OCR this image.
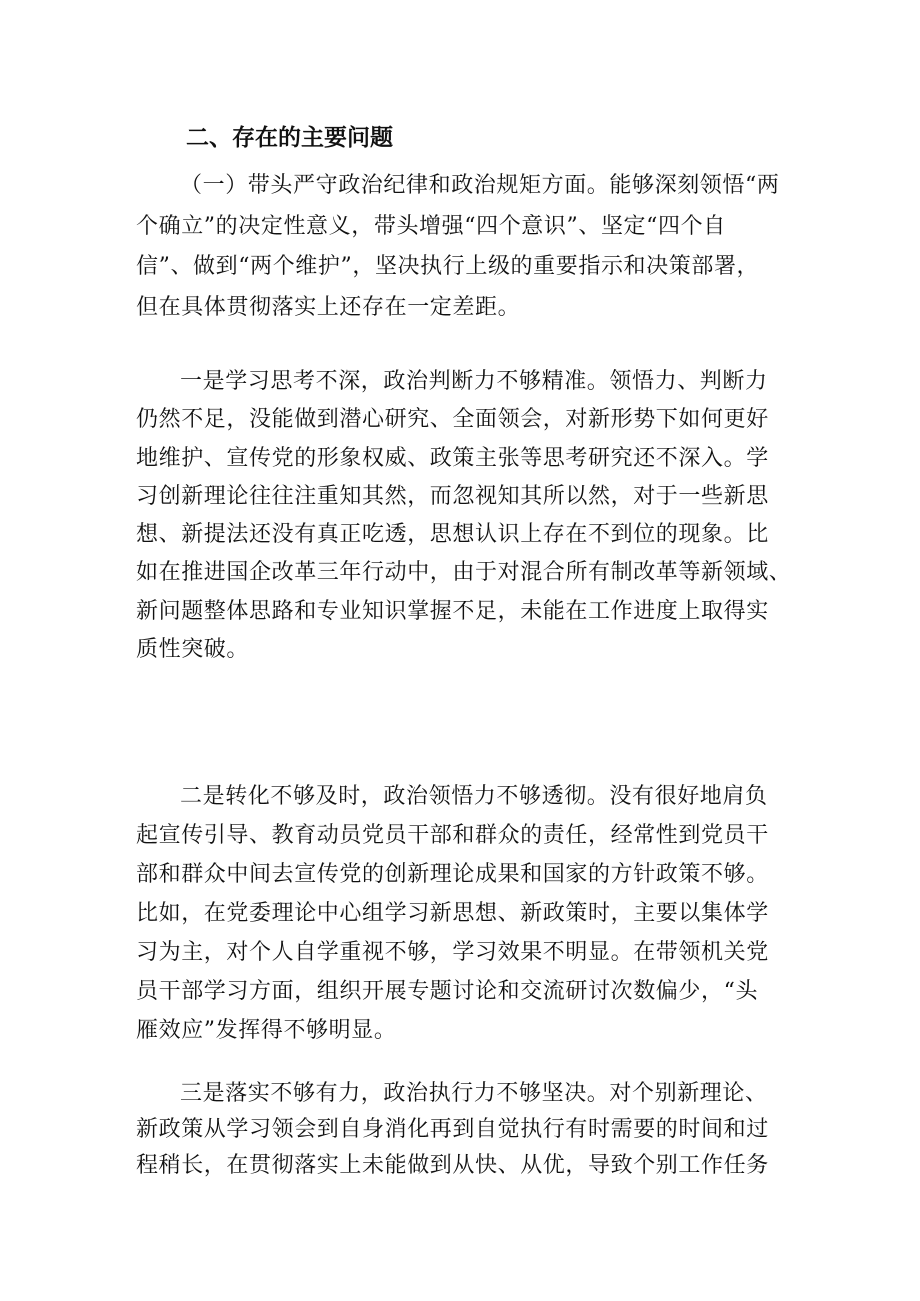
二、存在的主要问题
（一）带头严守政治纪律和政治规矩方面。能够深刻领悟“两
个确立”的决定性意义，带头增强“四个意识”、坚定“四个自
信”、做到“两个维护”，坚决执行上级的重要指示和决策部署，
但在具体贯彻落实上还存在一定差距。
一是学习思考不深，政治判断力不够精准。领悟力、判断力
仍然不足，没能做到潜心研究、全面领会，对新形势下如何更好
地维护、宣传党的形象权威、政策主张等思考研究还不深入。学
习创新理论往往注重知其然，而忽视知其所以然，对于一些新思
想、新提法还没有真正吃透，思想认识上存在不到位的现象。比
如在推进国企改革三年行动中，由于对混合所有制改革等新领域、
新问题整体思路和专业知识掌握不足，未能在工作进度上取得实
质性突破。
二是转化不够及时，政治领悟力不够透彻。没有很好地肩负
起宣传引导、教育动员党员干部和群众的责任，经常性到党员干
部和群众中间去宣传党的创新理论成果和国家的方针政策不够。
比如，在党委理论中心组学习新思想、新政策时，主要以集体学
习为主，对个人自学重视不够，学习效果不明显。在带领机关党
员干部学习方面，组织开展专题讨论和交流研讨次数偏少，“头
雁效应”发挥得不够明显。
三是落实不够有力，政治执行力不够坚决。对个别新理论、
新政策从学习领会到自身消化再到自觉执行有时需要的时间和过
程稍长，在贯彻落实上未能做到从快、从优，导致个别工作任务
